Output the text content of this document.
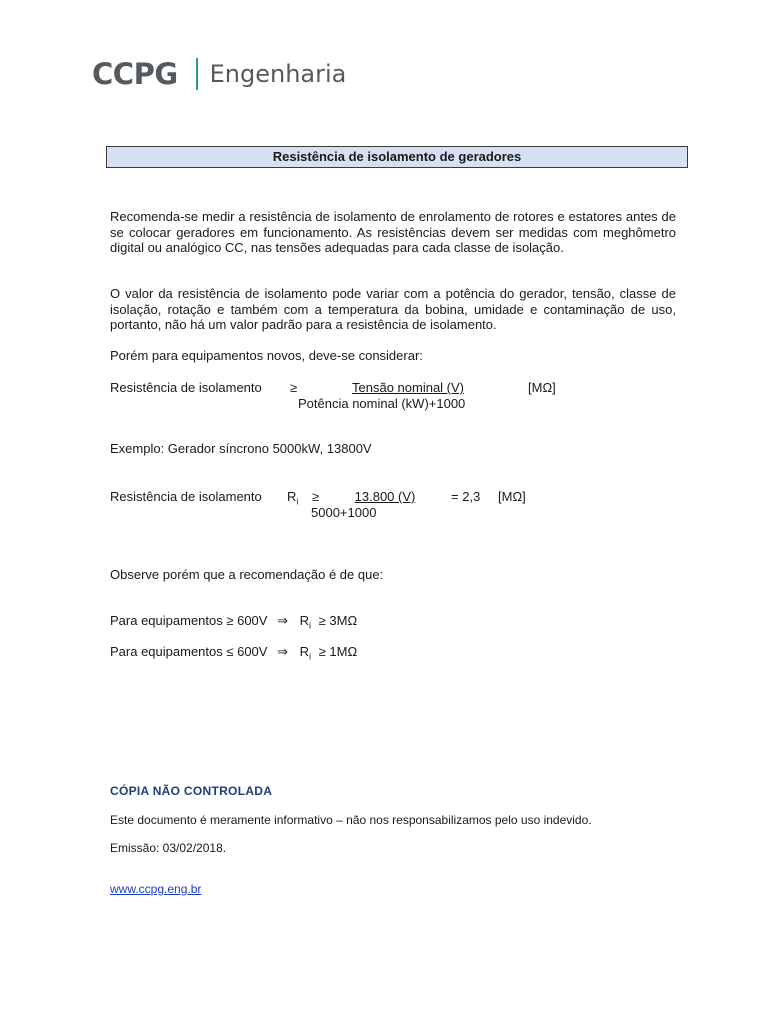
CCPG Engenharia
Resistência de isolamento de geradores
Recomenda-se medir a resistência de isolamento de enrolamento de rotores e estatores antes de se colocar geradores em funcionamento. As resistências devem ser medidas com meghômetro digital ou analógico CC, nas tensões adequadas para cada classe de isolação.
O valor da resistência de isolamento pode variar com a potência do gerador, tensão, classe de isolação, rotação e também com a temperatura da bobina, umidade e contaminação de uso, portanto, não há um valor padrão para a resistência de isolamento.
Porém para equipamentos novos, deve-se considerar:
Resistência de isolamento ≥	Tensão nominal (V)	[MΩ]
Potência nominal (kW)+1000
Exemplo: Gerador síncrono 5000kW, 13800V
Resistência de isolamento $R_i$ ≥	13.800 (V)	= 2,3 [MΩ]
5000+1000
Observe porém que a recomendação é de que:
Para equipamentos ≥ 600V ⇒ $R_i \ge 3M\Omega$
Para equipamentos ≤ 600V ⇒ $R_i \ge 1M\Omega$
CÓPIA NÃO CONTROLADA
Este documento é meramente informativo – não nos responsabilizamos pelo uso indevido.
Emissão: 03/02/2018.
www.ccpg.eng.br
